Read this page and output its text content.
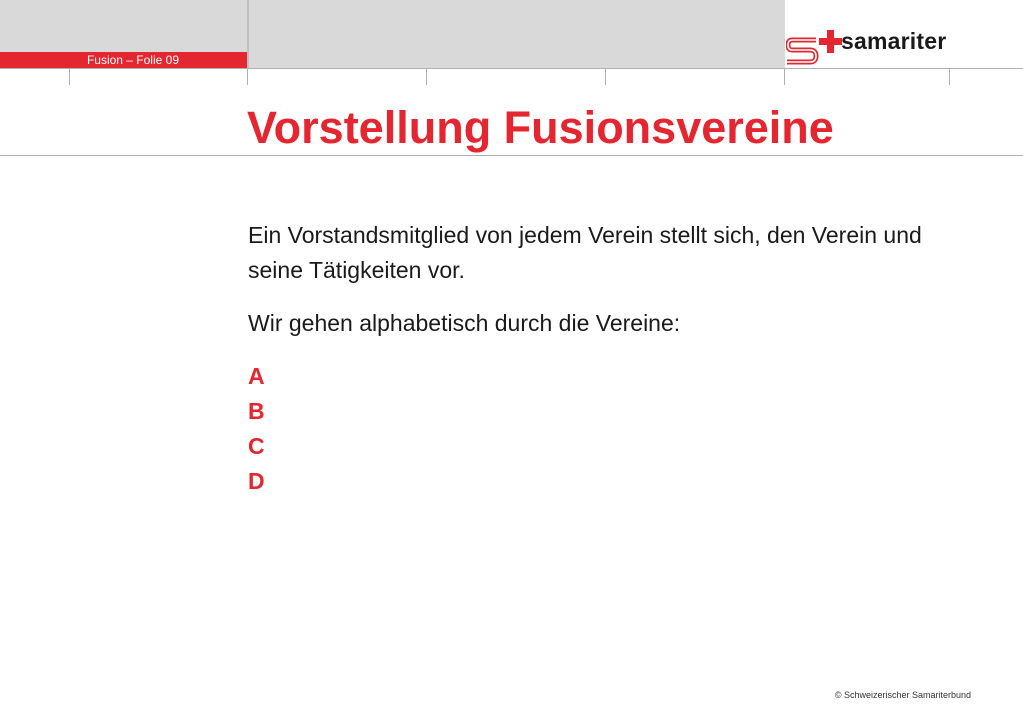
Fusion – Folie 09
samariter
Vorstellung Fusionsvereine

Ein Vorstandsmitglied von jedem Verein stellt sich, den Verein und seine Tätigkeiten vor.

Wir gehen alphabetisch durch die Vereine:

A
B
C
D
© Schweizerischer Samariterbund
